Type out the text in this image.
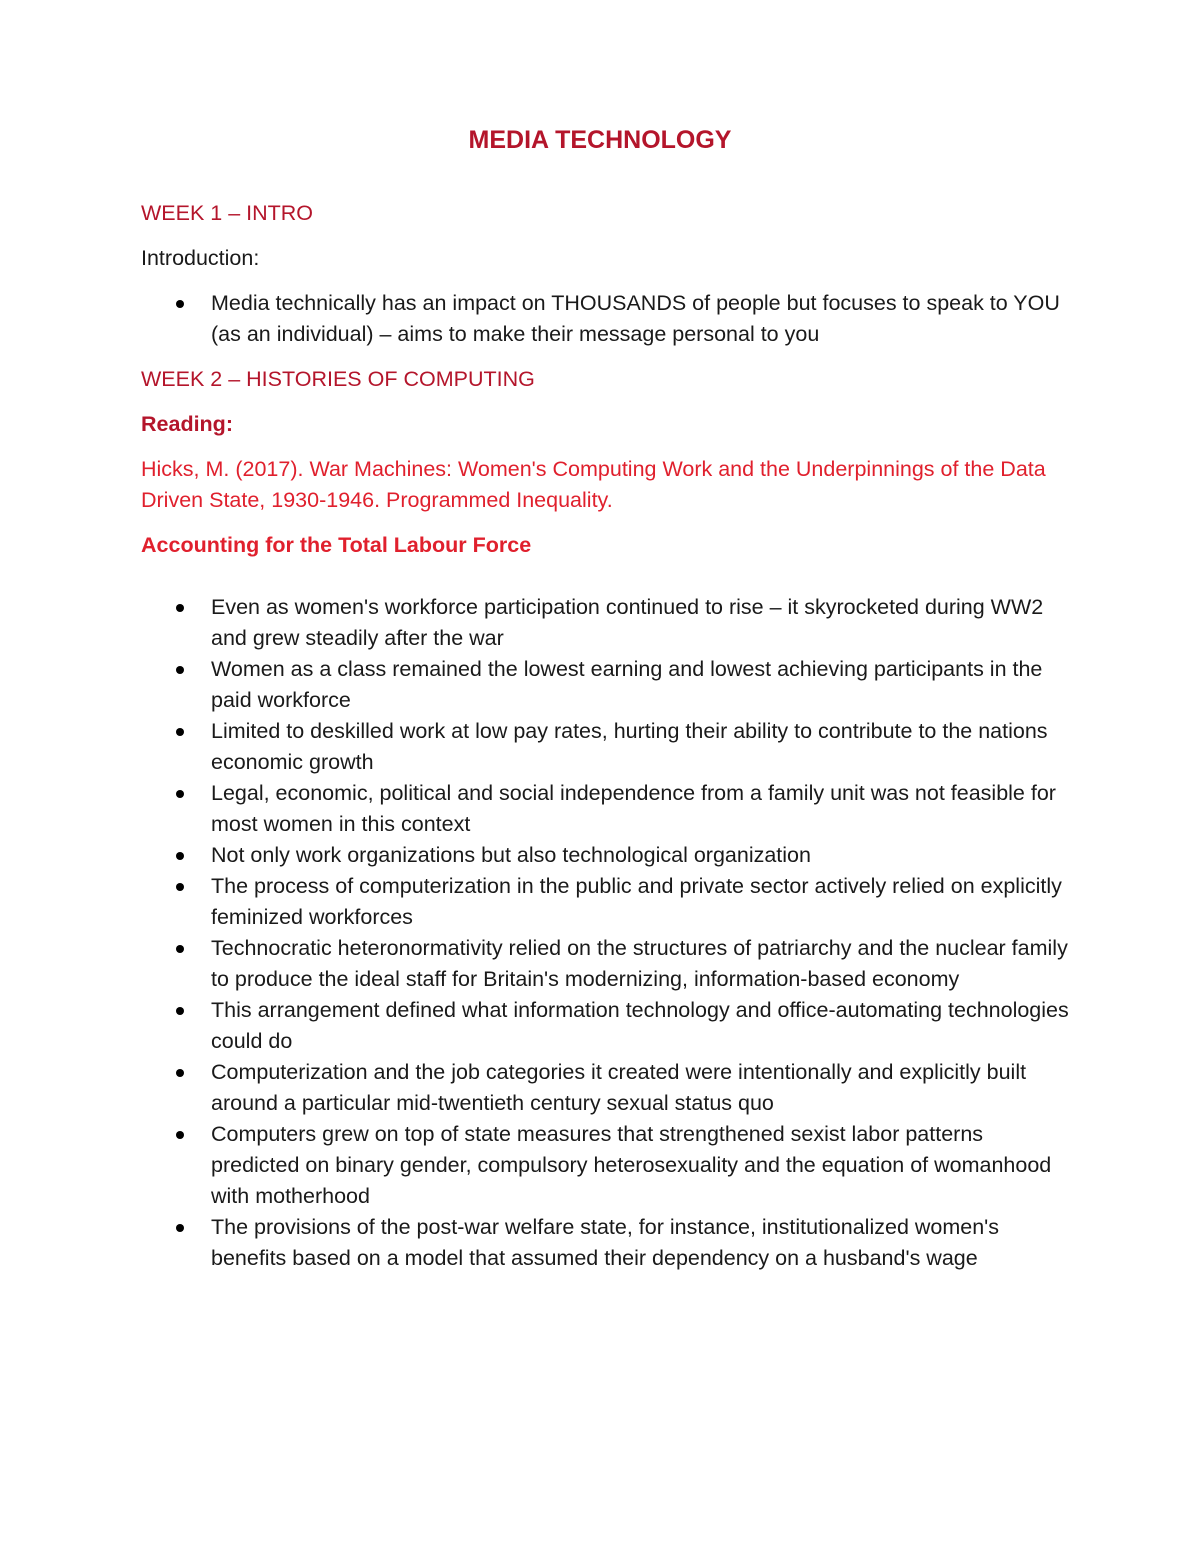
MEDIA TECHNOLOGY
WEEK 1 – INTRO
Introduction:
Media technically has an impact on THOUSANDS of people but focuses to speak to YOU (as an individual) – aims to make their message personal to you
WEEK 2 – HISTORIES OF COMPUTING
Reading:
Hicks, M. (2017). War Machines: Women's Computing Work and the Underpinnings of the Data Driven State, 1930-1946. Programmed Inequality.
Accounting for the Total Labour Force
Even as women's workforce participation continued to rise – it skyrocketed during WW2 and grew steadily after the war
Women as a class remained the lowest earning and lowest achieving participants in the paid workforce
Limited to deskilled work at low pay rates, hurting their ability to contribute to the nations economic growth
Legal, economic, political and social independence from a family unit was not feasible for most women in this context
Not only work organizations but also technological organization
The process of computerization in the public and private sector actively relied on explicitly feminized workforces
Technocratic heteronormativity relied on the structures of patriarchy and the nuclear family to produce the ideal staff for Britain's modernizing, information-based economy
This arrangement defined what information technology and office-automating technologies could do
Computerization and the job categories it created were intentionally and explicitly built around a particular mid-twentieth century sexual status quo
Computers grew on top of state measures that strengthened sexist labor patterns predicted on binary gender, compulsory heterosexuality and the equation of womanhood with motherhood
The provisions of the post-war welfare state, for instance, institutionalized women's benefits based on a model that assumed their dependency on a husband's wage
